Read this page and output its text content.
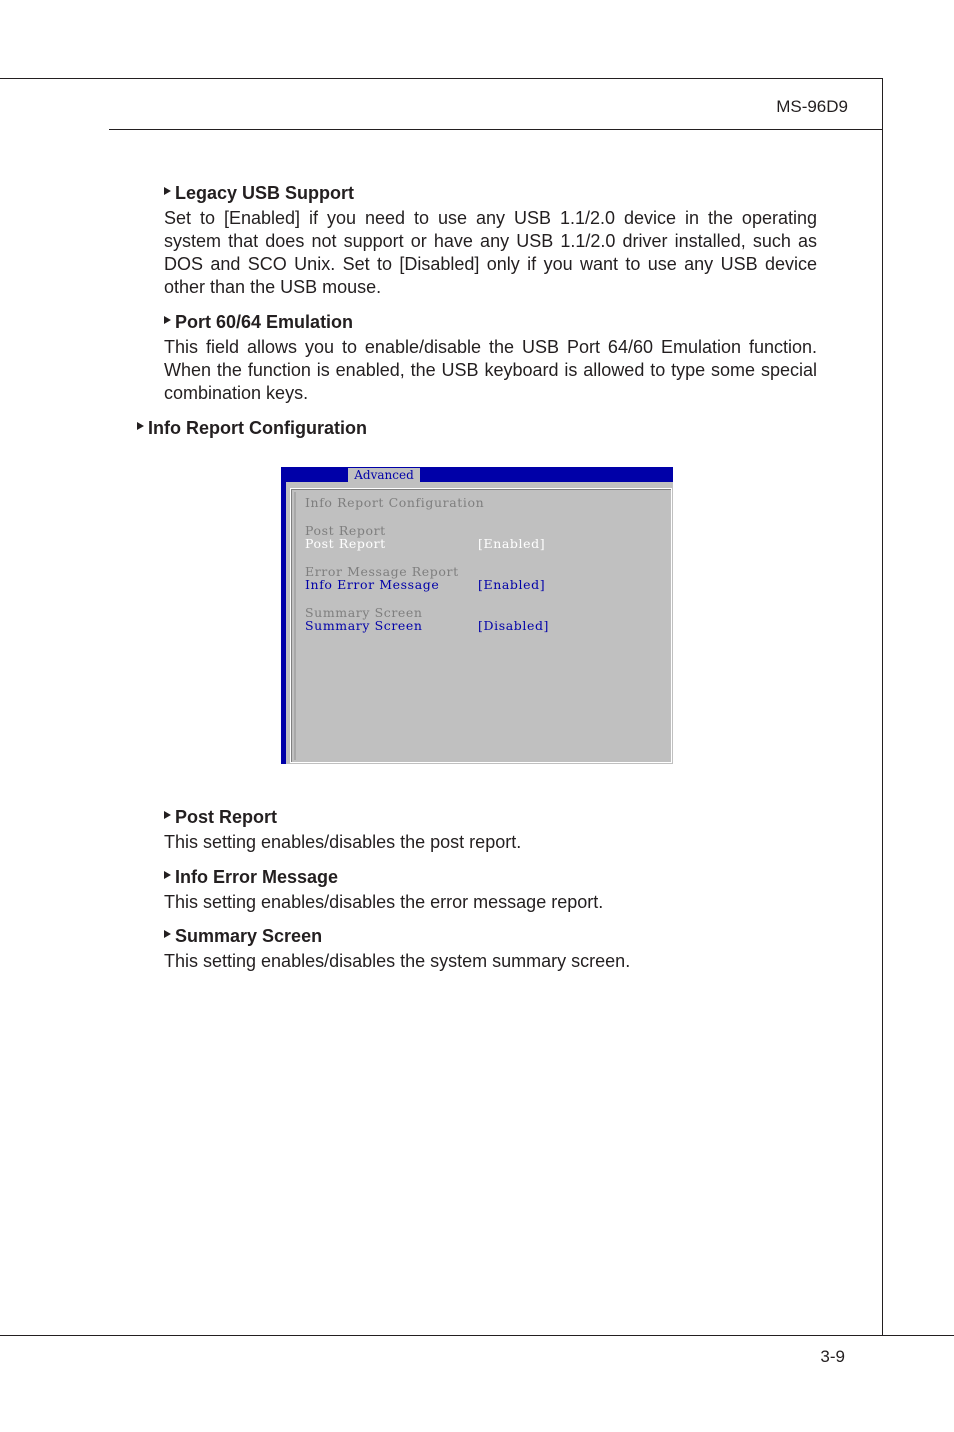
MS-96D9
3-9
Legacy USB Support
Set to [Enabled] if you need to use any USB 1.1/2.0 device in the operating system that does not support or have any USB 1.1/2.0 driver installed, such as DOS and SCO Unix. Set to [Disabled] only if you want to use any USB device other than the USB mouse.
Port 60/64 Emulation
This field allows you to enable/disable the USB Port 64/60 Emulation function. When the function is enabled, the USB keyboard is allowed to type some special combination keys.
Info Report Configuration
Advanced
Info Report Configuration
Post Report
Post Report	[Enabled]
Error Message Report
Info Error Message	[Enabled]
Summary Screen
Summary Screen	[Disabled]
Post Report
This setting enables/disables the post report.
Info Error Message
This setting enables/disables the error message report.
Summary Screen
This setting enables/disables the system summary screen.
